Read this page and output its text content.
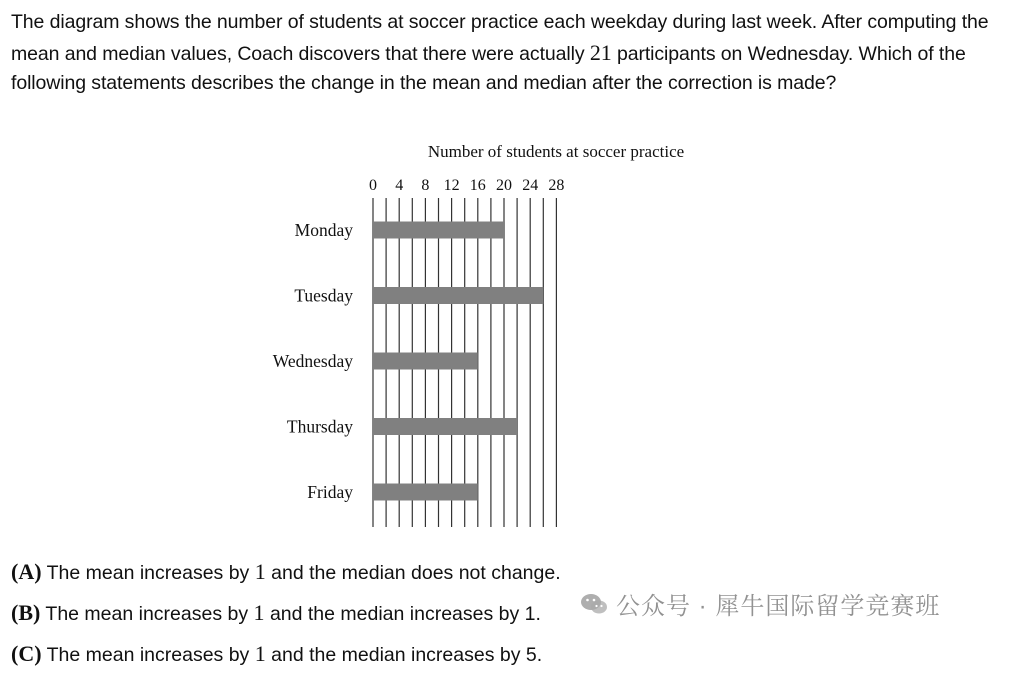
The diagram shows the number of students at soccer practice each weekday during last week. After computing the mean and median values, Coach discovers that there were actually 21 participants on Wednesday. Which of the following statements describes the change in the mean and median after the correction is made?
Number of students at soccer practice
0 4 8 12 16 20 24 28
Monday
Tuesday
Wednesday
Thursday
Friday
(A) The mean increases by 1 and the median does not change.
(B) The mean increases by 1 and the median increases by 1.
(C) The mean increases by 1 and the median increases by 5.
公众号 · 犀牛国际留学竞赛班
